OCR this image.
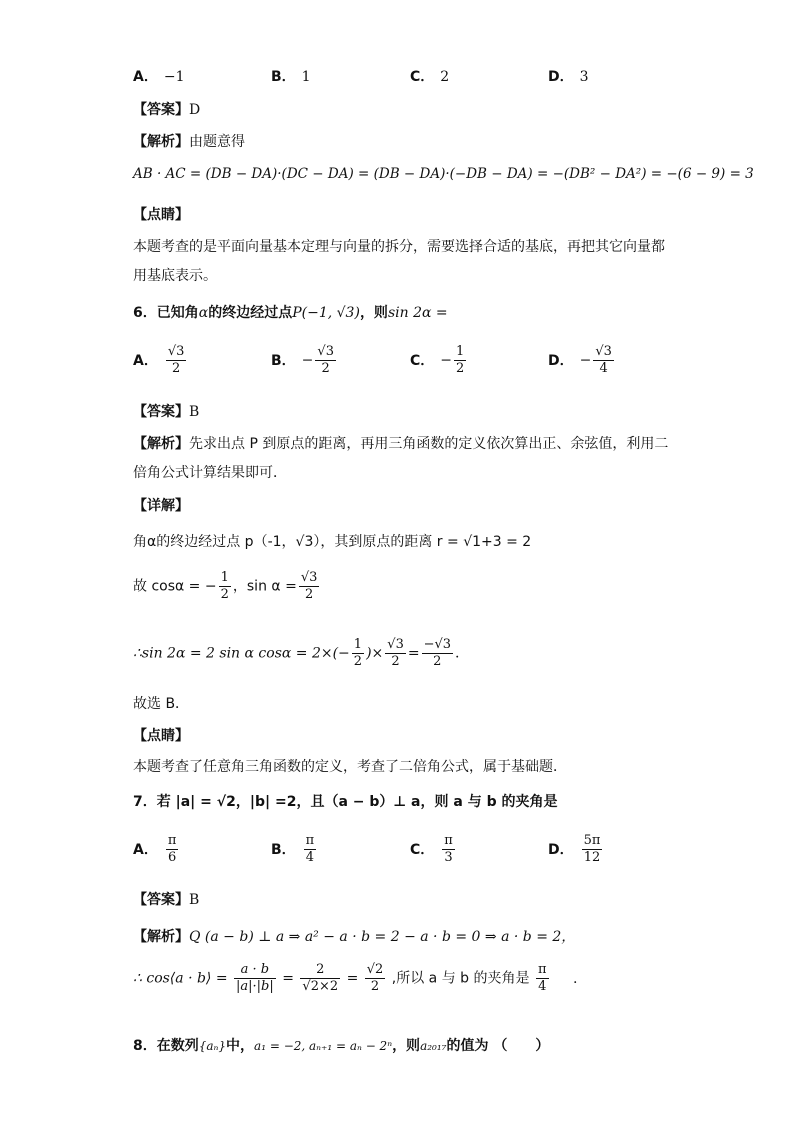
A． −1	B． 1	C． 2	D． 3
【答案】D
【解析】由题意得
AB · AC = (DB − DA)·(DC − DA) = (DB − DA)·(−DB − DA) = −(DB² − DA²) = −(6 − 9) = 3
【点睛】
本题考查的是平面向量基本定理与向量的拆分，需要选择合适的基底，再把其它向量都
用基底表示。
6．已知角α的终边经过点P(−1, √3)，则sin 2α =
A． $\frac{√3}{2}$	B． − $\frac{√3}{2}$	C． − $\frac{1}{2}$	D． − $\frac{√3}{4}$
【答案】B
【解析】先求出点 P 到原点的距离，再用三角函数的定义依次算出正、余弦值，利用二
倍角公式计算结果即可．
【详解】
角α的终边经过点 p（-1，√3），其到原点的距离 r = √1+3 = 2
故 cosα = − $\frac{1}{2}$ ，$\sin \alpha = \frac{√3}{2}$
∴sin 2α = 2 sin α $\cos\alpha = 2\times(- \frac{1}{2}$ )× $\frac{√3}{2} = \frac{-√3}{2}$ .
故选 B．
【点睛】
本题考查了任意角三角函数的定义，考查了二倍角公式，属于基础题．
7．若 |a| = √2，|b| =2，且（a − b）⊥ a，则 a 与 b 的夹角是
A． $\frac{\pi}{6}$	B． $\frac{\pi}{4}$	C． $\frac{\pi}{3}$	D． $\frac{5\pi}{12}$
【答案】B
【解析】Q (a − b) ⊥ a ⇒ a² − a · b = 2 − a · b = 0 ⇒ a · b = 2，
∴ cos⟨a · b⟩ = $\frac{a \cdot b}{|a|\cdot|b|} = \frac{2}{√2\times 2} = \frac{√2}{2}$ ,所以 a 与 b 的夹角是 $\frac{\pi}{4}$ .
8．在数列{aₙ}中，a₁ = −2, aₙ₊₁ = aₙ − 2ⁿ，则a₂₀₁₇的值为 （　　）
